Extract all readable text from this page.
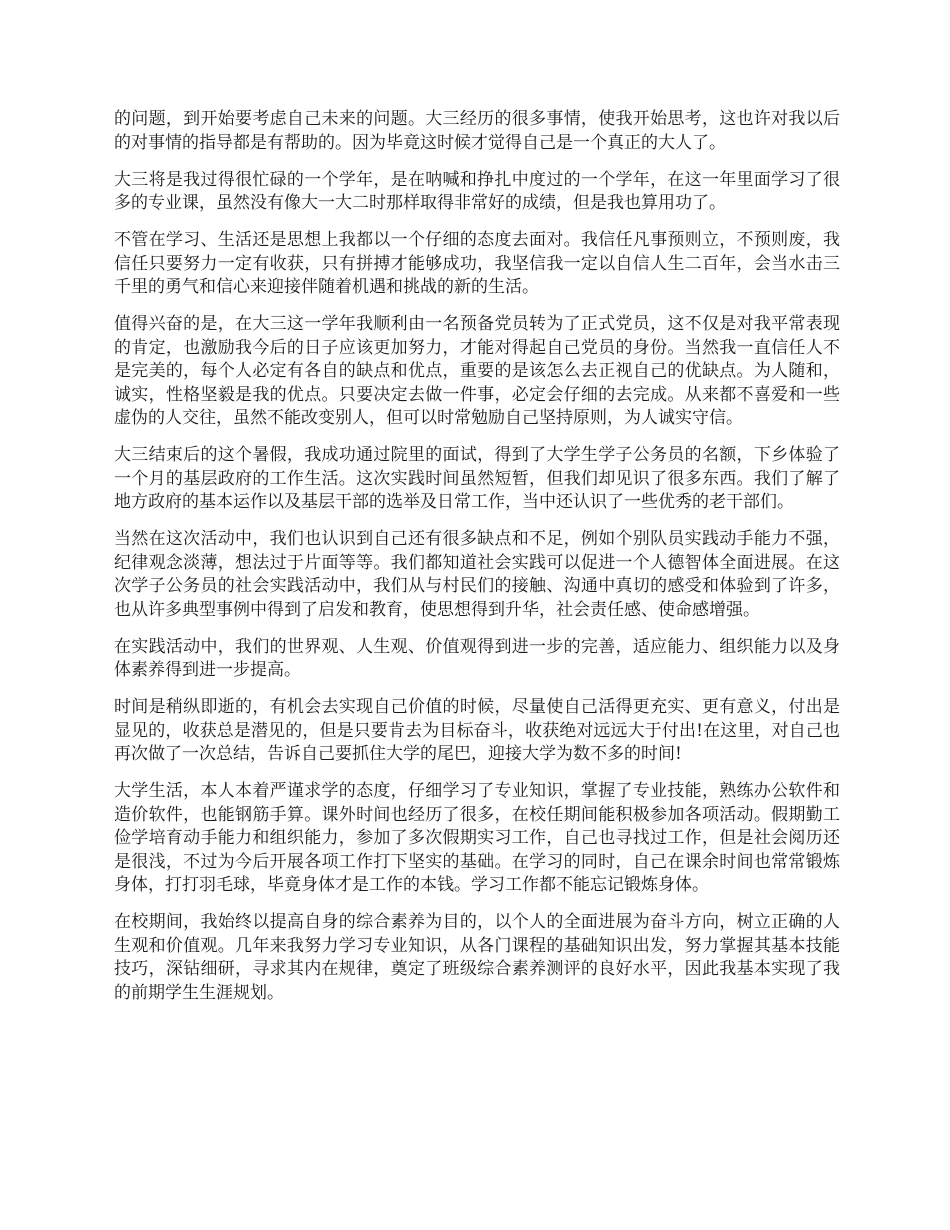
的问题，到开始要考虑自己未来的问题。大三经历的很多事情，使我开始思考，这也许对我以后的对事情的指导都是有帮助的。因为毕竟这时候才觉得自己是一个真正的大人了。

大三将是我过得很忙碌的一个学年，是在呐喊和挣扎中度过的一个学年，在这一年里面学习了很多的专业课，虽然没有像大一大二时那样取得非常好的成绩，但是我也算用功了。

不管在学习、生活还是思想上我都以一个仔细的态度去面对。我信任凡事预则立，不预则废，我信任只要努力一定有收获，只有拼搏才能够成功，我坚信我一定以自信人生二百年，会当水击三千里的勇气和信心来迎接伴随着机遇和挑战的新的生活。

值得兴奋的是，在大三这一学年我顺利由一名预备党员转为了正式党员，这不仅是对我平常表现的肯定，也激励我今后的日子应该更加努力，才能对得起自己党员的身份。当然我一直信任人不是完美的，每个人必定有各自的缺点和优点，重要的是该怎么去正视自己的优缺点。为人随和，诚实，性格坚毅是我的优点。只要决定去做一件事，必定会仔细的去完成。从来都不喜爱和一些虚伪的人交往，虽然不能改变别人，但可以时常勉励自己坚持原则，为人诚实守信。

大三结束后的这个暑假，我成功通过院里的面试，得到了大学生学子公务员的名额，下乡体验了一个月的基层政府的工作生活。这次实践时间虽然短暂，但我们却见识了很多东西。我们了解了地方政府的基本运作以及基层干部的选举及日常工作，当中还认识了一些优秀的老干部们。

当然在这次活动中，我们也认识到自己还有很多缺点和不足，例如个别队员实践动手能力不强，纪律观念淡薄，想法过于片面等等。我们都知道社会实践可以促进一个人德智体全面进展。在这次学子公务员的社会实践活动中，我们从与村民们的接触、沟通中真切的感受和体验到了许多，也从许多典型事例中得到了启发和教育，使思想得到升华，社会责任感、使命感增强。

在实践活动中，我们的世界观、人生观、价值观得到进一步的完善，适应能力、组织能力以及身体素养得到进一步提高。

时间是稍纵即逝的，有机会去实现自己价值的时候，尽量使自己活得更充实、更有意义，付出是显见的，收获总是潜见的，但是只要肯去为目标奋斗，收获绝对远远大于付出!在这里，对自己也再次做了一次总结，告诉自己要抓住大学的尾巴，迎接大学为数不多的时间!

大学生活，本人本着严谨求学的态度，仔细学习了专业知识，掌握了专业技能，熟练办公软件和造价软件，也能钢筋手算。课外时间也经历了很多，在校任期间能积极参加各项活动。假期勤工俭学培育动手能力和组织能力，参加了多次假期实习工作，自己也寻找过工作，但是社会阅历还是很浅，不过为今后开展各项工作打下坚实的基础。在学习的同时，自己在课余时间也常常锻炼身体，打打羽毛球，毕竟身体才是工作的本钱。学习工作都不能忘记锻炼身体。

在校期间，我始终以提高自身的综合素养为目的，以个人的全面进展为奋斗方向，树立正确的人生观和价值观。几年来我努力学习专业知识，从各门课程的基础知识出发，努力掌握其基本技能技巧，深钻细研，寻求其内在规律，奠定了班级综合素养测评的良好水平，因此我基本实现了我的前期学生生涯规划。
